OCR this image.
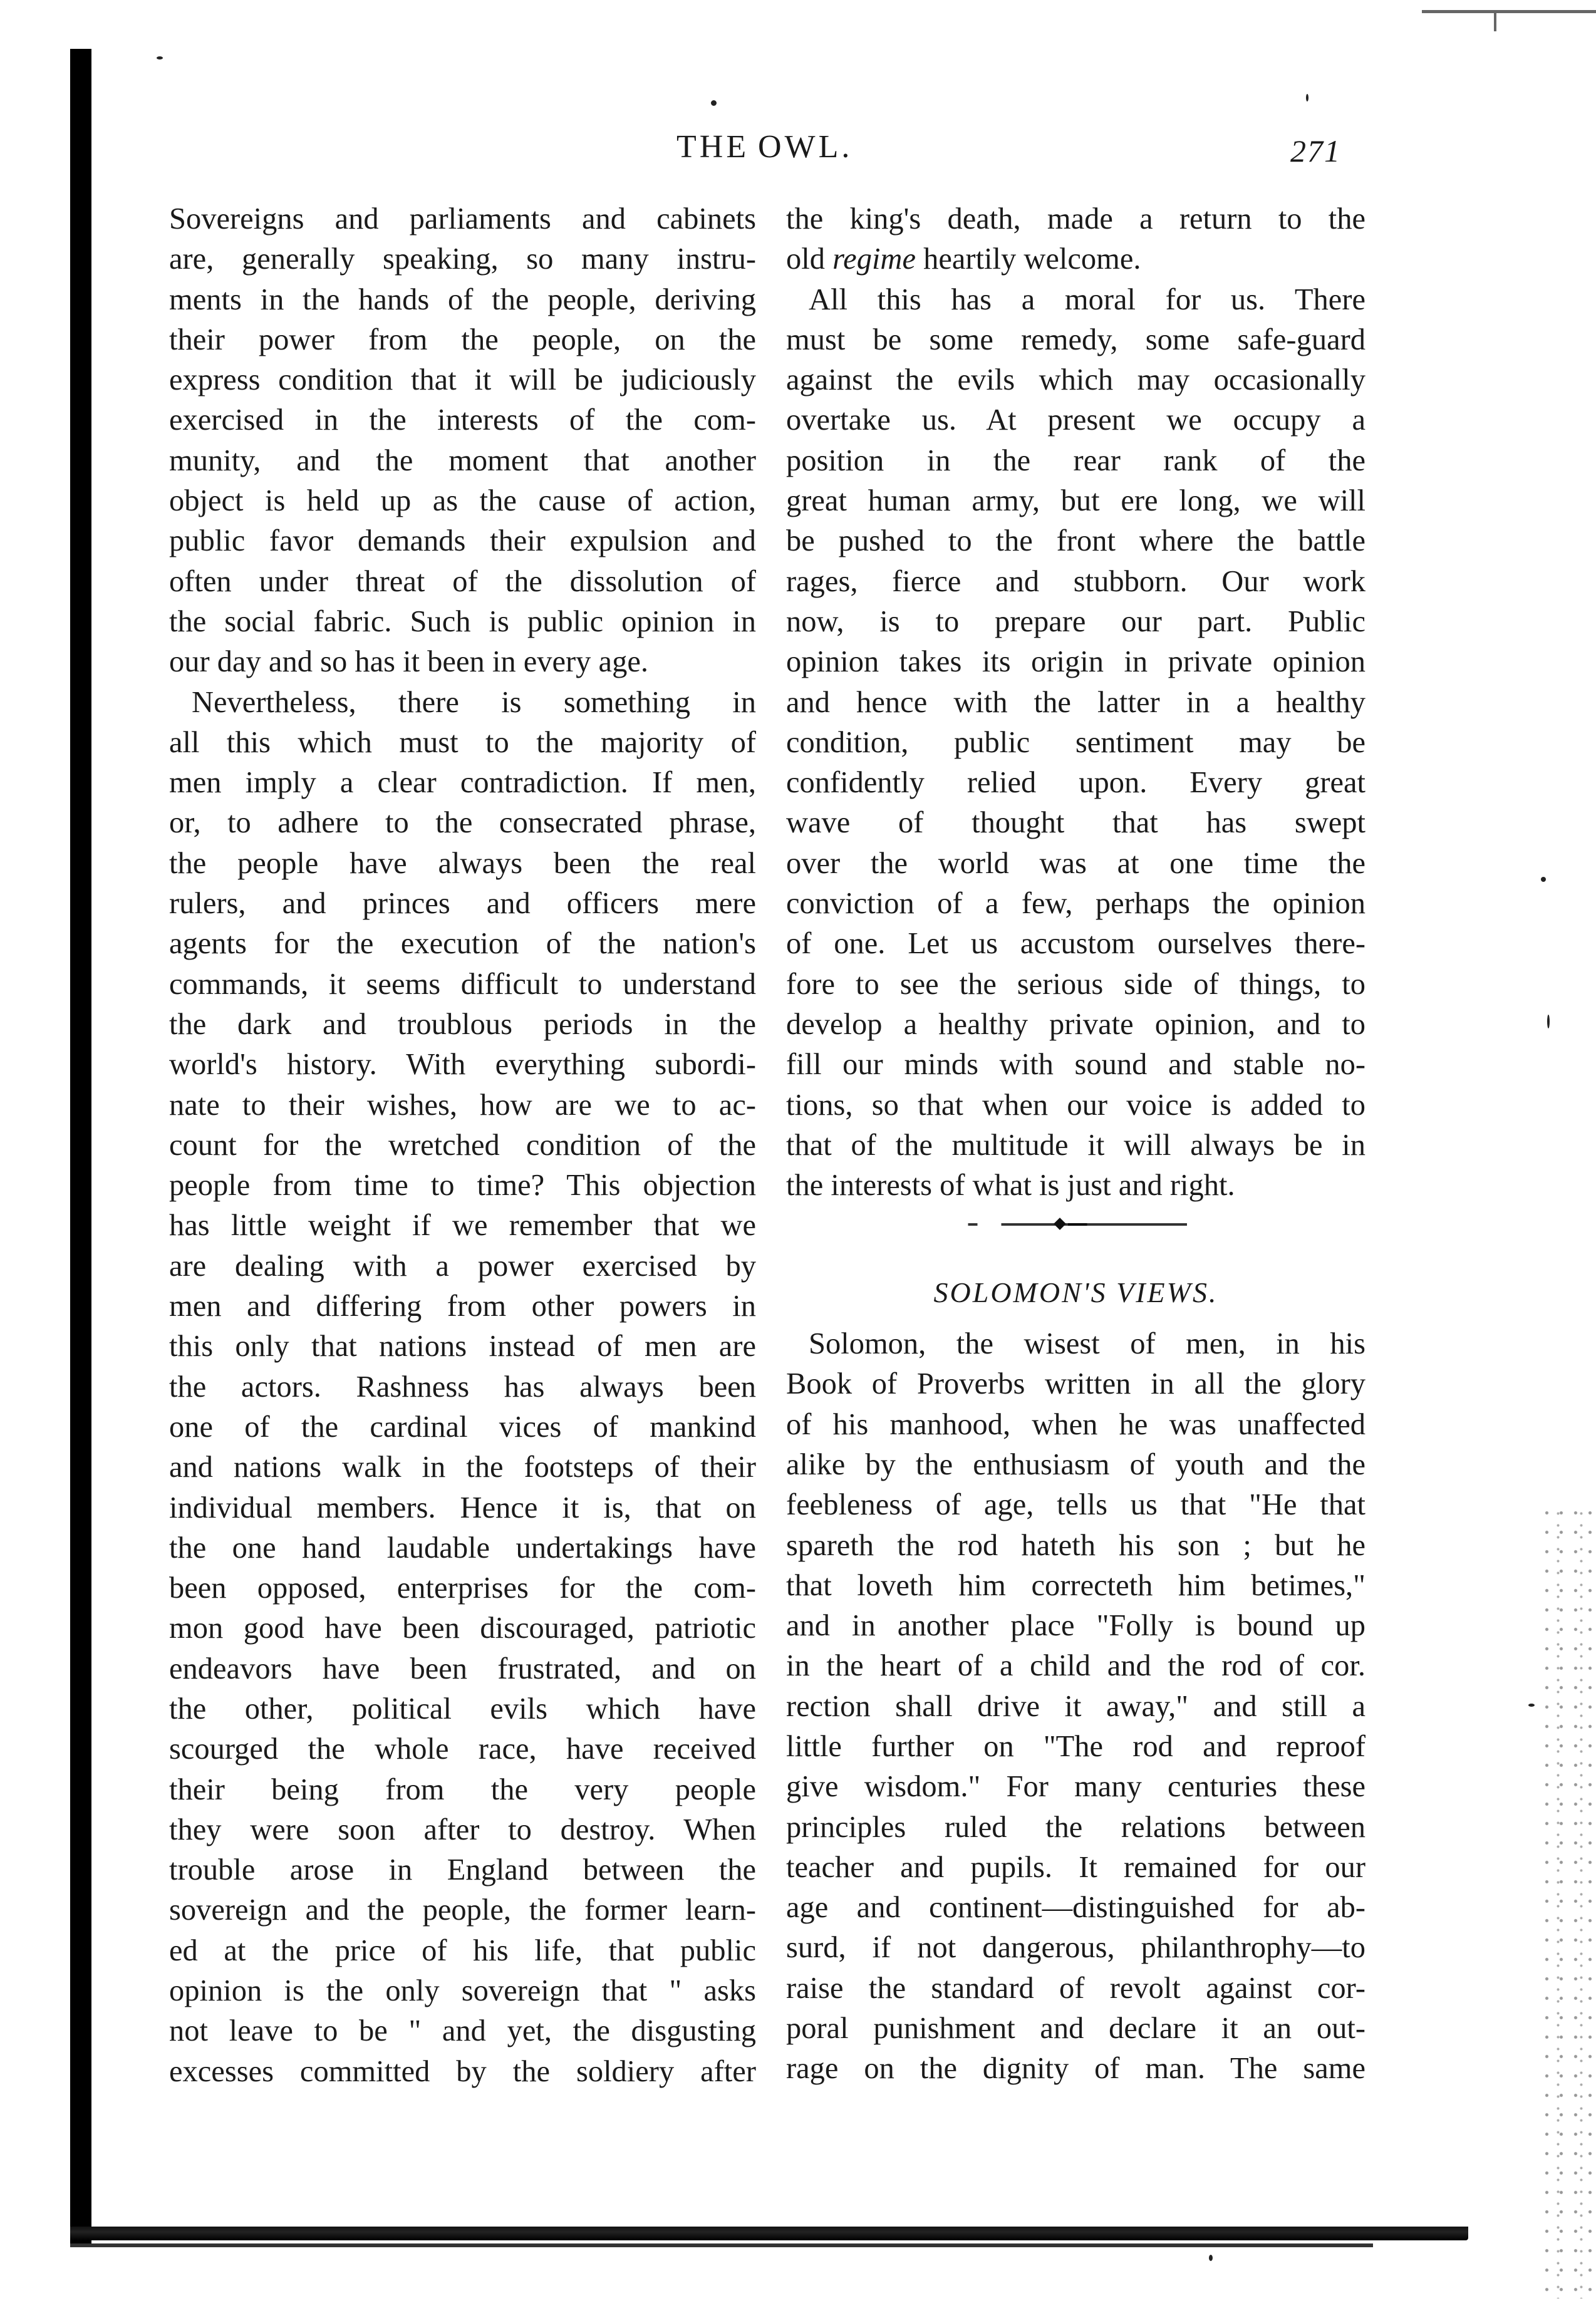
THE OWL.	271
Sovereigns and parliaments and cabinets
are, generally speaking, so many instru-
ments in the hands of the people, deriving
their power from the people, on the
express condition that it will be judiciously
exercised in the interests of the com-
munity, and the moment that another
object is held up as the cause of action,
public favor demands their expulsion and
often under threat of the dissolution of
the social fabric. Such is public opinion in
our day and so has it been in every age.
Nevertheless, there is something in
all this which must to the majority of
men imply a clear contradiction. If men,
or, to adhere to the consecrated phrase,
the people have always been the real
rulers, and princes and officers mere
agents for the execution of the nation's
commands, it seems difficult to understand
the dark and troublous periods in the
world's history. With everything subordi-
nate to their wishes, how are we to ac-
count for the wretched condition of the
people from time to time? This objection
has little weight if we remember that we
are dealing with a power exercised by
men and differing from other powers in
this only that nations instead of men are
the actors. Rashness has always been
one of the cardinal vices of mankind
and nations walk in the footsteps of their
individual members. Hence it is, that on
the one hand laudable undertakings have
been opposed, enterprises for the com-
mon good have been discouraged, patriotic
endeavors have been frustrated, and on
the other, political evils which have
scourged the whole race, have received
their being from the very people
they were soon after to destroy. When
trouble arose in England between the
sovereign and the people, the former learn-
ed at the price of his life, that public
opinion is the only sovereign that " asks
not leave to be " and yet, the disgusting
excesses committed by the soldiery after
the king's death, made a return to the
old regime heartily welcome.
All this has a moral for us. There
must be some remedy, some safe-guard
against the evils which may occasionally
overtake us. At present we occupy a
position in the rear rank of the
great human army, but ere long, we will
be pushed to the front where the battle
rages, fierce and stubborn. Our work
now, is to prepare our part. Public
opinion takes its origin in private opinion
and hence with the latter in a healthy
condition, public sentiment may be
confidently relied upon. Every great
wave of thought that has swept
over the world was at one time the
conviction of a few, perhaps the opinion
of one. Let us accustom ourselves there-
fore to see the serious side of things, to
develop a healthy private opinion, and to
fill our minds with sound and stable no-
tions, so that when our voice is added to
that of the multitude it will always be in
the interests of what is just and right.
SOLOMON'S VIEWS.
Solomon, the wisest of men, in his
Book of Proverbs written in all the glory
of his manhood, when he was unaffected
alike by the enthusiasm of youth and the
feebleness of age, tells us that "He that
spareth the rod hateth his son ; but he
that loveth him correcteth him betimes,"
and in another place "Folly is bound up
in the heart of a child and the rod of cor.
rection shall drive it away," and still a
little further on "The rod and reproof
give wisdom." For many centuries these
principles ruled the relations between
teacher and pupils. It remained for our
age and continent—distinguished for ab-
surd, if not dangerous, philanthrophy—to
raise the standard of revolt against cor-
poral punishment and declare it an out-
rage on the dignity of man. The same
